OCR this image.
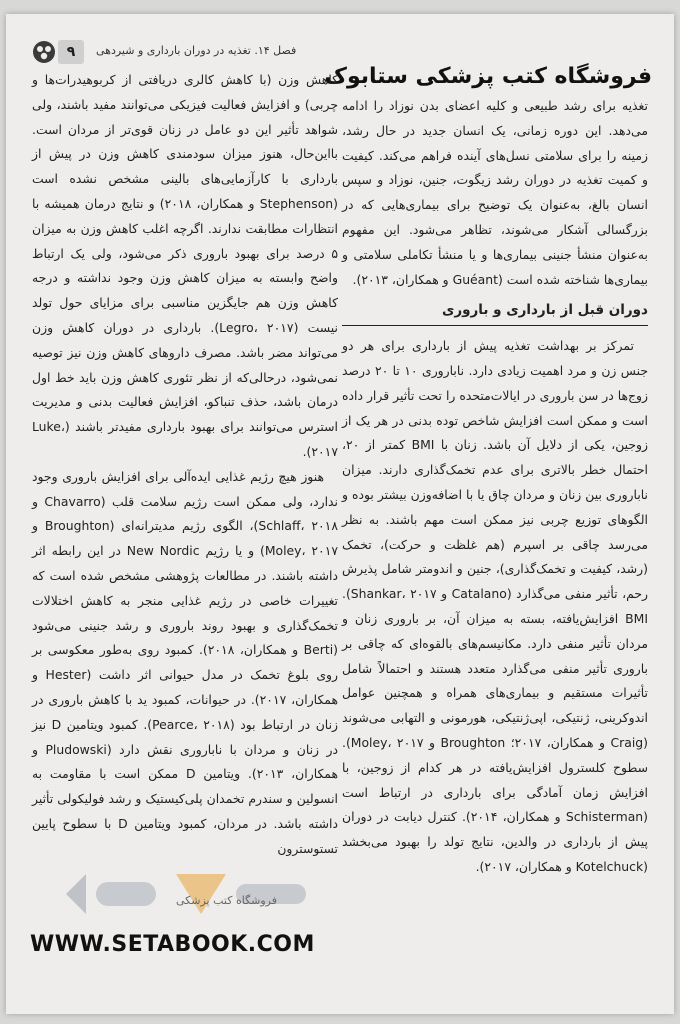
۹	فصل ۱۴. تغذیه در دوران بارداری و شیردهی
فروشگاه کتب پزشکی ستابوک

تغذیه برای رشد طبیعی و کلیه اعضای بدن نوزاد را ادامه می‌دهد. این دوره زمانی، یک انسان جدید در حال رشد، زمینه را برای سلامتی نسل‌های آینده فراهم می‌کند. کیفیت و کمیت تغذیه در دوران رشد زیگوت، جنین، نوزاد و سپس انسان بالغ، به‌عنوان یک توضیح برای بیماری‌هایی که در بزرگسالی آشکار می‌شوند، تظاهر می‌شود. این مفهوم به‌عنوان منشأ جنینی بیماری‌ها و یا منشأ تکاملی سلامتی و بیماری‌ها شناخته شده است (Guéant و همکاران، ۲۰۱۳).

دوران قبل از بارداری و باروری

تمرکز بر بهداشت تغذیه پیش از بارداری برای هر دو جنس زن و مرد اهمیت زیادی دارد. ناباروری ۱۰ تا ۲۰ درصد زوج‌ها در سن باروری در ایالات‌متحده را تحت تأثیر قرار داده است و ممکن است افزایش شاخص توده بدنی در هر یک از زوجین، یکی از دلایل آن باشد. زنان با BMI کمتر از ۲۰، احتمال خطر بالاتری برای عدم تخمک‌گذاری دارند. میزان ناباروری بین زنان و مردان چاق یا با اضافه‌وزن بیشتر بوده و الگوهای توزیع چربی نیز ممکن است مهم باشند. به نظر می‌رسد چاقی بر اسپرم (هم غلظت و حرکت)، تخمک (رشد، کیفیت و تخمک‌گذاری)، جنین و اندومتر شامل پذیرش رحم، تأثیر منفی می‌گذارد (Catalano و Shankar، ۲۰۱۷). BMI افزایش‌یافته، بسته به میزان آن، بر باروری زنان و مردان تأثیر منفی دارد. مکانیسم‌های بالقوه‌ای که چاقی بر باروری تأثیر منفی می‌گذارد متعدد هستند و احتمالاً شامل تأثیرات مستقیم و بیماری‌های همراه و همچنین عوامل اندوکرینی، ژنتیکی، اپی‌ژنتیکی، هورمونی و التهابی می‌شوند (Craig و همکاران، ۲۰۱۷؛ Broughton و Moley، ۲۰۱۷). سطوح کلسترول افزایش‌یافته در هر کدام از زوجین، با افزایش زمان آمادگی برای بارداری در ارتباط است (Schisterman و همکاران، ۲۰۱۴). کنترل دیابت در دوران پیش از بارداری در والدین، نتایج تولد را بهبود می‌بخشد (Kotelchuck و همکاران، ۲۰۱۷).

کاهش وزن (با کاهش کالری دریافتی از کربوهیدرات‌ها و چربی) و افزایش فعالیت فیزیکی می‌توانند مفید باشند، ولی شواهد تأثیر این دو عامل در زنان قوی‌تر از مردان است. بااین‌حال، هنوز میزان سودمندی کاهش وزن در پیش از بارداری با کارآزمایی‌های بالینی مشخص نشده است (Stephenson و همکاران، ۲۰۱۸) و نتایج درمان همیشه با انتظارات مطابقت ندارند. اگرچه اغلب کاهش وزن به میزان ۵ درصد برای بهبود باروری ذکر می‌شود، ولی یک ارتباط واضح وابسته به میزان کاهش وزن وجود نداشته و درجه کاهش وزن هم جایگزین مناسبی برای مزایای حول تولد نیست (Legro، ۲۰۱۷). بارداری در دوران کاهش وزن می‌تواند مضر باشد. مصرف داروهای کاهش وزن نیز توصیه نمی‌شود، درحالی‌که از نظر تئوری کاهش وزن باید خط اول درمان باشد، حذف تنباکو، افزایش فعالیت بدنی و مدیریت استرس می‌توانند برای بهبود بارداری مفیدتر باشند (Luke، ۲۰۱۷).

هنوز هیچ رژیم غذایی ایده‌آلی برای افزایش باروری وجود ندارد، ولی ممکن است رژیم سلامت قلب (Chavarro و Schlaff، ۲۰۱۸)، الگوی رژیم مدیترانه‌ای (Broughton و Moley، ۲۰۱۷) و یا رژیم New Nordic در این رابطه اثر داشته باشند. در مطالعات پژوهشی مشخص شده است که تغییرات خاصی در رژیم غذایی منجر به کاهش اختلالات تخمک‌گذاری و بهبود روند باروری و رشد جنینی می‌شود (Berti و همکاران، ۲۰۱۸). کمبود روی به‌طور معکوسی بر روی بلوغ تخمک در مدل حیوانی اثر داشت (Hester و همکاران، ۲۰۱۷). در حیوانات، کمبود ید با کاهش باروری در زنان در ارتباط بود (Pearce، ۲۰۱۸). کمبود ویتامین D نیز در زنان و مردان با ناباروری نقش دارد (Pludowski و همکاران، ۲۰۱۳). ویتامین D ممکن است با مقاومت به انسولین و سندرم تخمدان پلی‌کیستیک و رشد فولیکولی تأثیر داشته باشد. در مردان، کمبود ویتامین D با سطوح پایین تستوسترون

فروشگاه کتب پزشکی
WWW.SETABOOK.COM
